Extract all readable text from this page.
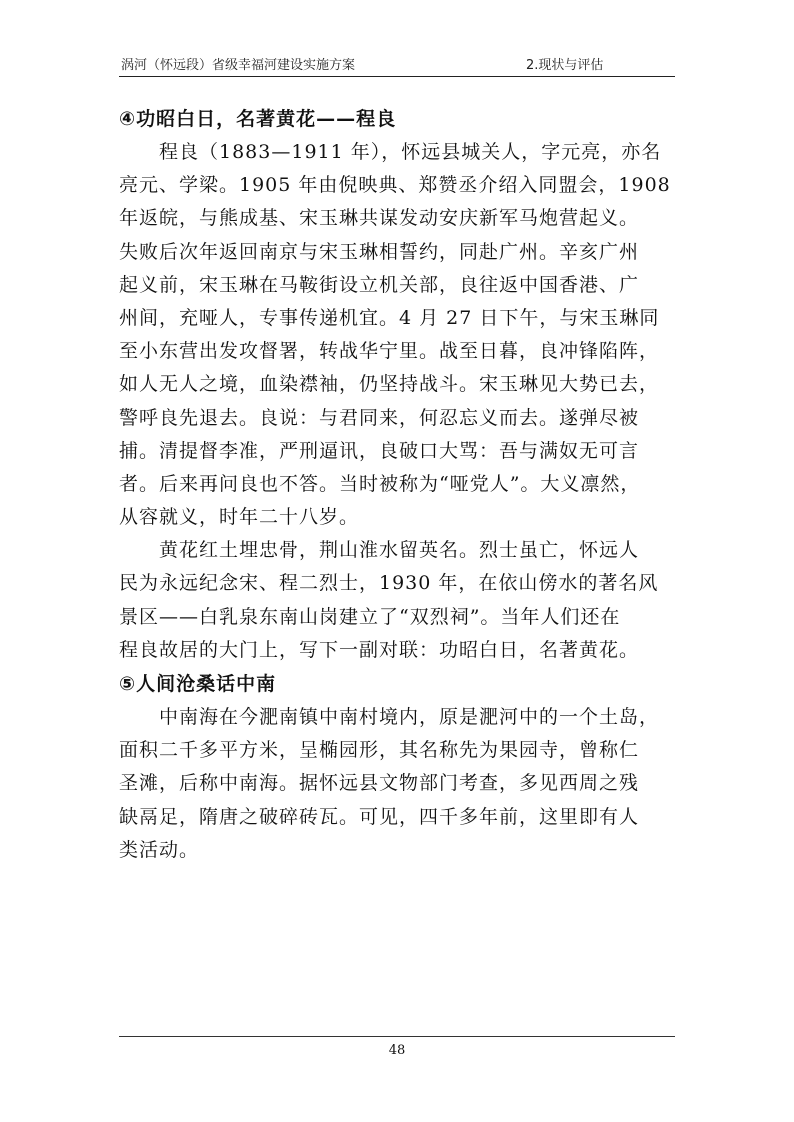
涡河（怀远段）省级幸福河建设实施方案	2.现状与评估
④功昭白日，名著黄花——程良
　　程良（1883—1911 年），怀远县城关人，字元亮，亦名
亮元、学梁。1905 年由倪映典、郑赞丞介绍入同盟会，1908
年返皖，与熊成基、宋玉琳共谋发动安庆新军马炮营起义。
失败后次年返回南京与宋玉琳相誓约，同赴广州。辛亥广州
起义前，宋玉琳在马鞍街设立机关部，良往返中国香港、广
州间，充哑人，专事传递机宜。4 月 27 日下午，与宋玉琳同
至小东营出发攻督署，转战华宁里。战至日暮，良冲锋陷阵，
如人无人之境，血染襟袖，仍坚持战斗。宋玉琳见大势已去，
警呼良先退去。良说：与君同来，何忍忘义而去。遂弹尽被
捕。清提督李准，严刑逼讯，良破口大骂：吾与满奴无可言
者。后来再问良也不答。当时被称为“哑党人”。大义凛然，
从容就义，时年二十八岁。
　　黄花红土埋忠骨，荆山淮水留英名。烈士虽亡，怀远人
民为永远纪念宋、程二烈士，1930 年，在依山傍水的著名风
景区——白乳泉东南山岗建立了“双烈祠”。当年人们还在
程良故居的大门上，写下一副对联：功昭白日，名著黄花。
⑤人间沧桑话中南
　　中南海在今淝南镇中南村境内，原是淝河中的一个土岛，
面积二千多平方米，呈椭园形，其名称先为果园寺，曾称仁
圣滩，后称中南海。据怀远县文物部门考查，多见西周之残
缺鬲足，隋唐之破碎砖瓦。可见，四千多年前，这里即有人
类活动。
48
